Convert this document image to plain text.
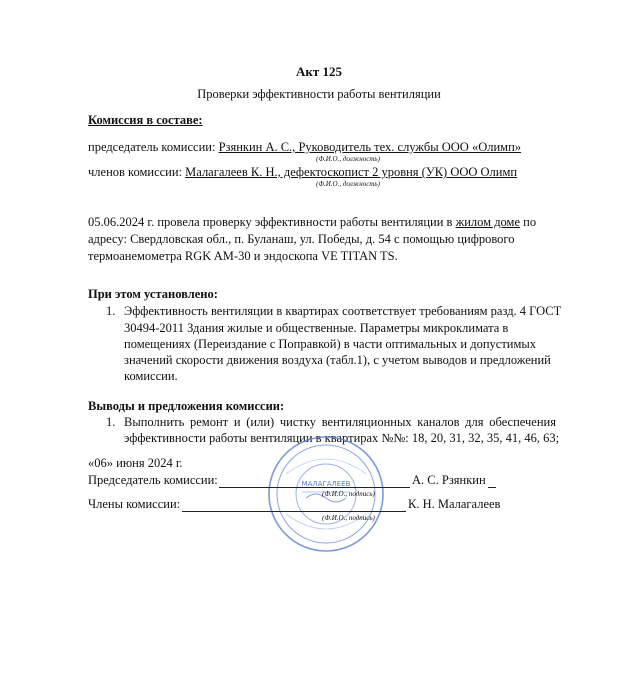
Акт 125
Проверки эффективности работы вентиляции
Комиссия в составе:
председатель комиссии: Рзянкин А. С., Руководитель тех. службы ООО «Олимп»
(Ф.И.О., должность)
членов комиссии: Малагалеев К. Н., дефектоскопист 2 уровня (УК) ООО Олимп
(Ф.И.О., должность)
05.06.2024 г. провела проверку эффективности работы вентиляции в жилом доме по
адресу: Свердловская обл., п. Буланаш, ул. Победы, д. 54 с помощью цифрового
термоанемометра RGK AM-30 и эндоскопа VE TITAN TS.
При этом установлено:
1. Эффективность вентиляции в квартирах соответствует требованиям разд. 4 ГОСТ
30494-2011 Здания жилые и общественные. Параметры микроклимата в
помещениях (Переиздание с Поправкой) в части оптимальных и допустимых
значений скорости движения воздуха (табл.1), с учетом выводов и предложений
комиссии.
Выводы и предложения комиссии:
1. Выполнить ремонт и (или) чистку вентиляционных каналов для обеспечения
эффективности работы вентиляции в квартирах №№: 18, 20, 31, 32, 35, 41, 46, 63;
МАЛАГАЛЕЕВ
«06» июня 2024 г.
Председатель комиссии:	А. С. Рзянкин
(Ф.И.О., подпись)
Члены комиссии:	К. Н. Малагалеев
(Ф.И.О., подпись)
